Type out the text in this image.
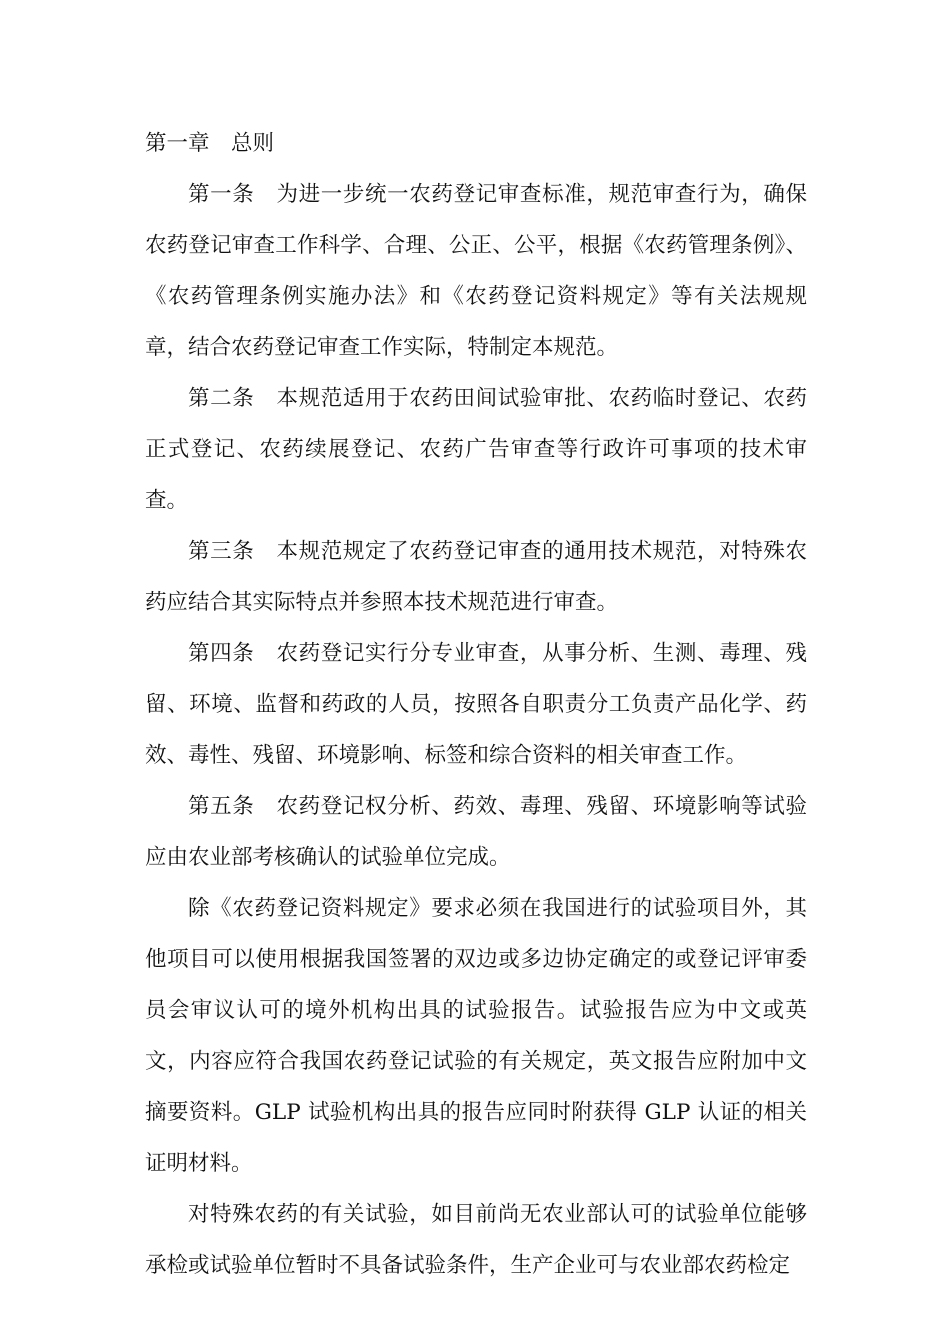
第一章　总则

第一条　为进一步统一农药登记审查标准，规范审查行为，确保农药登记审查工作科学、合理、公正、公平，根据《农药管理条例》、《农药管理条例实施办法》和《农药登记资料规定》等有关法规规章，结合农药登记审查工作实际，特制定本规范。

第二条　本规范适用于农药田间试验审批、农药临时登记、农药正式登记、农药续展登记、农药广告审查等行政许可事项的技术审查。

第三条　本规范规定了农药登记审查的通用技术规范，对特殊农药应结合其实际特点并参照本技术规范进行审查。

第四条　农药登记实行分专业审查，从事分析、生测、毒理、残留、环境、监督和药政的人员，按照各自职责分工负责产品化学、药效、毒性、残留、环境影响、标签和综合资料的相关审查工作。

第五条　农药登记权分析、药效、毒理、残留、环境影响等试验应由农业部考核确认的试验单位完成。

除《农药登记资料规定》要求必须在我国进行的试验项目外，其他项目可以使用根据我国签署的双边或多边协定确定的或登记评审委员会审议认可的境外机构出具的试验报告。试验报告应为中文或英文，内容应符合我国农药登记试验的有关规定，英文报告应附加中文摘要资料。GLP 试验机构出具的报告应同时附获得 GLP 认证的相关证明材料。

对特殊农药的有关试验，如目前尚无农业部认可的试验单位能够承检或试验单位暂时不具备试验条件，生产企业可与农业部农药检定
